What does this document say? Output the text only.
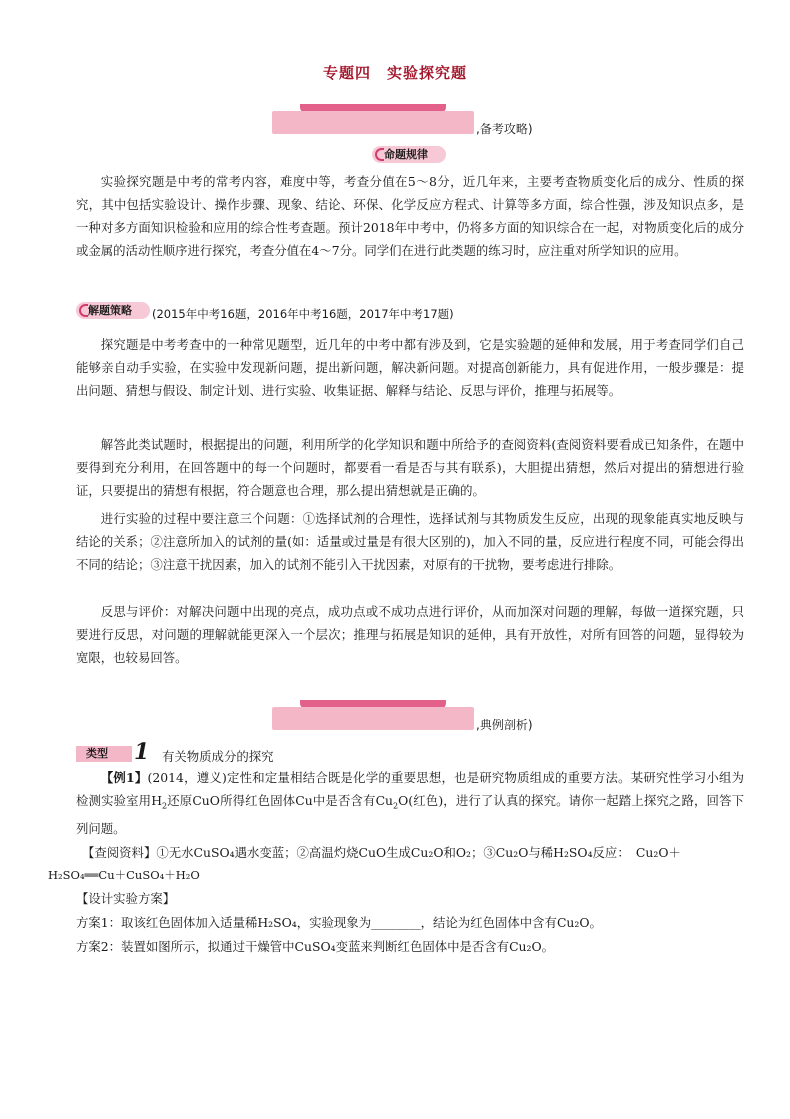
专题四　实验探究题
,备考攻略)
命题规律

实验探究题是中考的常考内容，难度中等，考查分值在5～8分，近几年来，主要考查物质变化后的成分、性质的探究，其中包括实验设计、操作步骤、现象、结论、环保、化学反应方程式、计算等多方面，综合性强，涉及知识点多，是一种对多方面知识检验和应用的综合性考查题。预计2018年中考中，仍将多方面的知识综合在一起，对物质变化后的成分或金属的活动性顺序进行探究，考查分值在4～7分。同学们在进行此类题的练习时，应注重对所学知识的应用。

解题策略 (2015年中考16题，2016年中考16题，2017年中考17题)

探究题是中考考查中的一种常见题型，近几年的中考中都有涉及到，它是实验题的延伸和发展，用于考查同学们自己能够亲自动手实验，在实验中发现新问题，提出新问题，解决新问题。对提高创新能力，具有促进作用，一般步骤是：提出问题、猜想与假设、制定计划、进行实验、收集证据、解释与结论、反思与评价，推理与拓展等。

解答此类试题时，根据提出的问题，利用所学的化学知识和题中所给予的查阅资料(查阅资料要看成已知条件，在题中要得到充分利用，在回答题中的每一个问题时，都要看一看是否与其有联系)，大胆提出猜想，然后对提出的猜想进行验证，只要提出的猜想有根据，符合题意也合理，那么提出猜想就是正确的。

进行实验的过程中要注意三个问题：①选择试剂的合理性，选择试剂与其物质发生反应，出现的现象能真实地反映与结论的关系；②注意所加入的试剂的量(如：适量或过量是有很大区别的)，加入不同的量，反应进行程度不同，可能会得出不同的结论；③注意干扰因素，加入的试剂不能引入干扰因素，对原有的干扰物，要考虑进行排除。

反思与评价：对解决问题中出现的亮点，成功点或不成功点进行评价，从而加深对问题的理解，每做一道探究题，只要进行反思，对问题的理解就能更深入一个层次；推理与拓展是知识的延伸，具有开放性，对所有回答的问题，显得较为宽限，也较易回答。

,典例剖析)
类型	1 有关物质成分的探究

【例1】(2014，遵义)定性和定量相结合既是化学的重要思想，也是研究物质组成的重要方法。某研究性学习小组为检测实验室用$H_2$还原CuO所得红色固体Cu中是否含有$Cu_2O$(红色)，进行了认真的探究。请你一起踏上探究之路，回答下列问题。

【查阅资料】①无水CuSO₄遇水变蓝；②高温灼烧CuO生成Cu₂O和O₂；③Cu₂O与稀H₂SO₄反应：　Cu₂O＋
H₂SO₄══Cu＋CuSO₄＋H₂O
【设计实验方案】
方案1：取该红色固体加入适量稀H₂SO₄，实验现象为________，结论为红色固体中含有Cu₂O。
方案2：装置如图所示，拟通过干燥管中CuSO₄变蓝来判断红色固体中是否含有Cu₂O。
